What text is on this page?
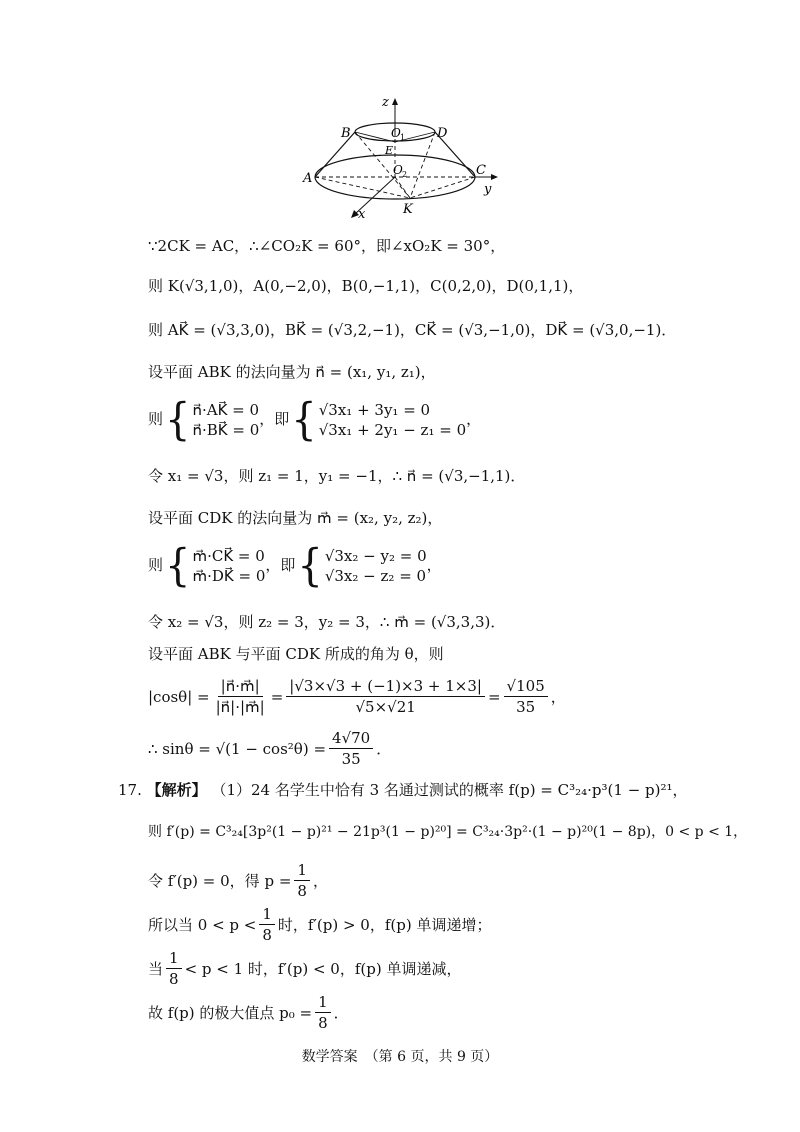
z
B	O 1 D
E
A
O 2	C
y
x	K
∵2CK = AC，∴∠CO₂K = 60°，即∠xO₂K = 30°，
则 K(√3,1,0)，A(0,−2,0)，B(0,−1,1)，C(0,2,0)，D(0,1,1)，
则 AK⃗ = (√3,3,0)，BK⃗ = (√3,2,−1)，CK⃗ = (√3,−1,0)，DK⃗ = (√3,0,−1)．
设平面 ABK 的法向量为 n⃗ = (x₁, y₁, z₁)，
则 { n⃗·AK⃗ = 0
n⃗·BK⃗ = 0
，即 { √3x₁ + 3y₁ = 0
√3x₁ + 2y₁ − z₁ = 0
，
令 x₁ = √3，则 z₁ = 1，y₁ = −1，∴ n⃗ = (√3,−1,1)．
设平面 CDK 的法向量为 m⃗ = (x₂, y₂, z₂)，
则 { m⃗·CK⃗ = 0
m⃗·DK⃗ = 0
，即 { √3x₂ − y₂ = 0
√3x₂ − z₂ = 0
，
令 x₂ = √3，则 z₂ = 3，y₂ = 3，∴ m⃗ = (√3,3,3)．
设平面 ABK 与平面 CDK 所成的角为 θ，则
$|\cos\theta| = \frac{|n⃗\cdot m⃗|}{|n⃗|\cdot|m⃗|} = \frac{|√3\times√3 + (-1)\times 3 + 1\times 3|}{√5\times√21} = \frac{√105}{35}$ ，
∴ $\sin\theta = √(1 - \cos^2\theta) = \frac{4√70}{35}$ ．
17. 【解析】 （1）24 名学生中恰有 3 名通过测试的概率 f(p) = C³₂₄·p³(1 − p)²¹，
则 f′(p) = C³₂₄[3p²(1 − p)²¹ − 21p³(1 − p)²⁰] = C³₂₄·3p²·(1 − p)²⁰(1 − 8p)，0 < p < 1，
令 f′(p) = 0，得 $p = \frac{1}{8}$ ，
所以当 $0 < p < \frac{1}{8}$ 时，f′(p) > 0，f(p) 单调递增；
当 $\frac{1}{8} < p < 1$ 时，f′(p) < 0，f(p) 单调递减，
故 f(p) 的极大值点 $p_0 = \frac{1}{8}$ ．
数学答案　（第 6 页，共 9 页）
